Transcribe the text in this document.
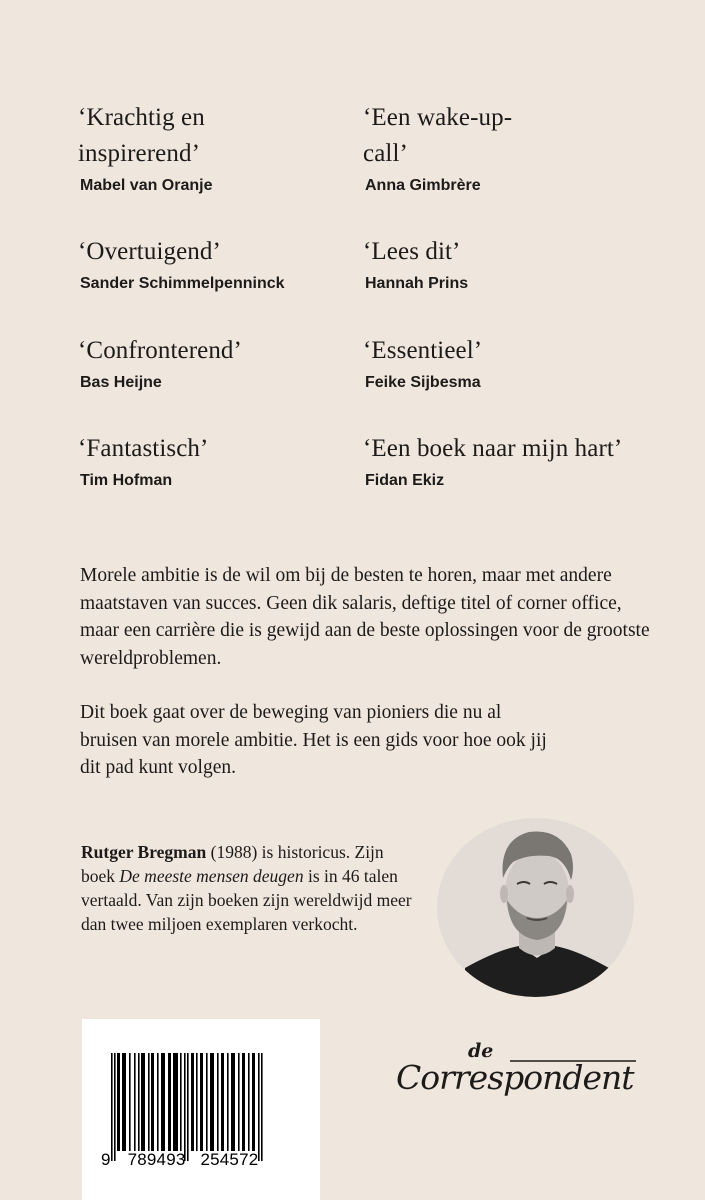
‘Krachtig en inspirerend’

Mabel van Oranje

‘Een wake-up-call’

Anna Gimbrère

‘Overtuigend’

Sander Schimmelpenninck

‘Lees dit’

Hannah Prins

‘Confronterend’

Bas Heijne

‘Essentieel’

Feike Sijbesma

‘Fantastisch’

Tim Hofman

‘Een boek naar mijn hart’

Fidan Ekiz

Morele ambitie is de wil om bij de besten te horen, maar met andere maatstaven van succes. Geen dik salaris, deftige titel of corner office, maar een carrière die is gewijd aan de beste oplossingen voor de grootste wereldproblemen.

Dit boek gaat over de beweging van pioniers die nu al bruisen van morele ambitie. Het is een gids voor hoe ook jij dit pad kunt volgen.

Rutger Bregman (1988) is historicus. Zijn boek De meeste mensen deugen is in 46 talen vertaald. Van zijn boeken zijn wereldwijd meer dan twee miljoen exemplaren verkocht.
9 789493 254572
de
Correspondent
